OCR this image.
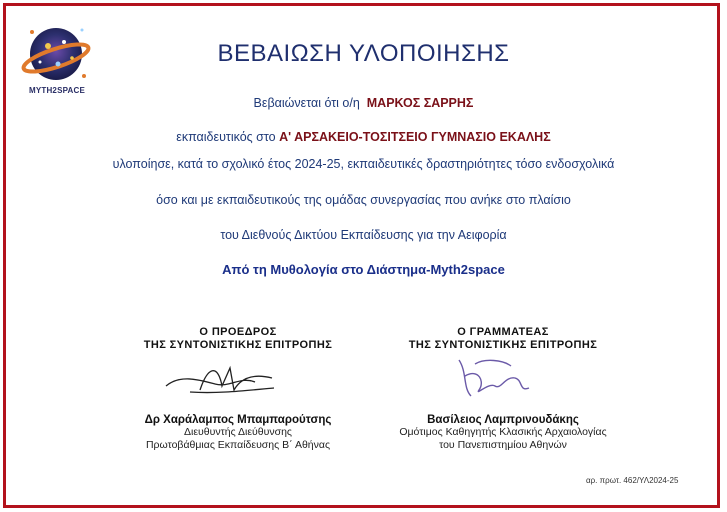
MYTH2SPACE
ΒΕΒΑΙΩΣΗ ΥΛΟΠΟΙΗΣΗΣ
Βεβαιώνεται ότι ο/η ΜΑΡΚΟΣ ΣΑΡΡΗΣ
εκπαιδευτικός στο Α' ΑΡΣΑΚΕΙΟ-ΤΟΣΙΤΣΕΙΟ ΓΥΜΝΑΣΙΟ ΕΚΑΛΗΣ
υλοποίησε, κατά το σχολικό έτος 2024-25, εκπαιδευτικές δραστηριότητες τόσο ενδοσχολικά
όσο και με εκπαιδευτικούς της ομάδας συνεργασίας που ανήκε στο πλαίσιο
του Διεθνούς Δικτύου Εκπαίδευσης για την Αειφορία
Από τη Μυθολογία στο Διάστημα-Myth2space
Ο ΠΡΟΕΔΡΟΣ
ΤΗΣ ΣΥΝΤΟΝΙΣΤΙΚΗΣ ΕΠΙΤΡΟΠΗΣ
Δρ Χαράλαμπος Μπαμπαρούτσης
Διευθυντής Διεύθυνσης
Πρωτοβάθμιας Εκπαίδευσης Β΄ Αθήνας
Ο ΓΡΑΜΜΑΤΕΑΣ
ΤΗΣ ΣΥΝΤΟΝΙΣΤΙΚΗΣ ΕΠΙΤΡΟΠΗΣ
Βασίλειος Λαμπρινουδάκης
Ομότιμος Καθηγητής Κλασικής Αρχαιολογίας
του Πανεπιστημίου Αθηνών
αρ. πρωτ. 462/ΥΛ2024-25
